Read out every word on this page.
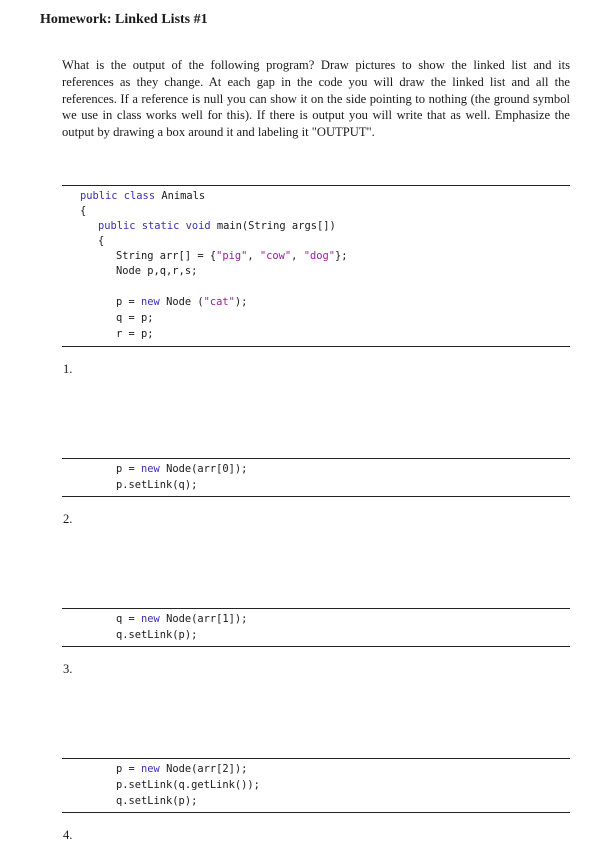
Homework: Linked Lists #1
What is the output of the following program? Draw pictures to show the linked list and its references as they change. At each gap in the code you will draw the linked list and all the references. If a reference is null you can show it on the side pointing to nothing (the ground symbol we use in class works well for this). If there is output you will write that as well. Emphasize the output by drawing a box around it and labeling it "OUTPUT".
public class Animals
{
public static void main(String args[])
{
String arr[] = {"pig", "cow", "dog"};
Node p,q,r,s;
p = new Node ("cat");
q = p;
r = p;
1.
p = new Node(arr[0]);
p.setLink(q);
2.
q = new Node(arr[1]);
q.setLink(p);
3.
p = new Node(arr[2]);
p.setLink(q.getLink());
q.setLink(p);
4.
